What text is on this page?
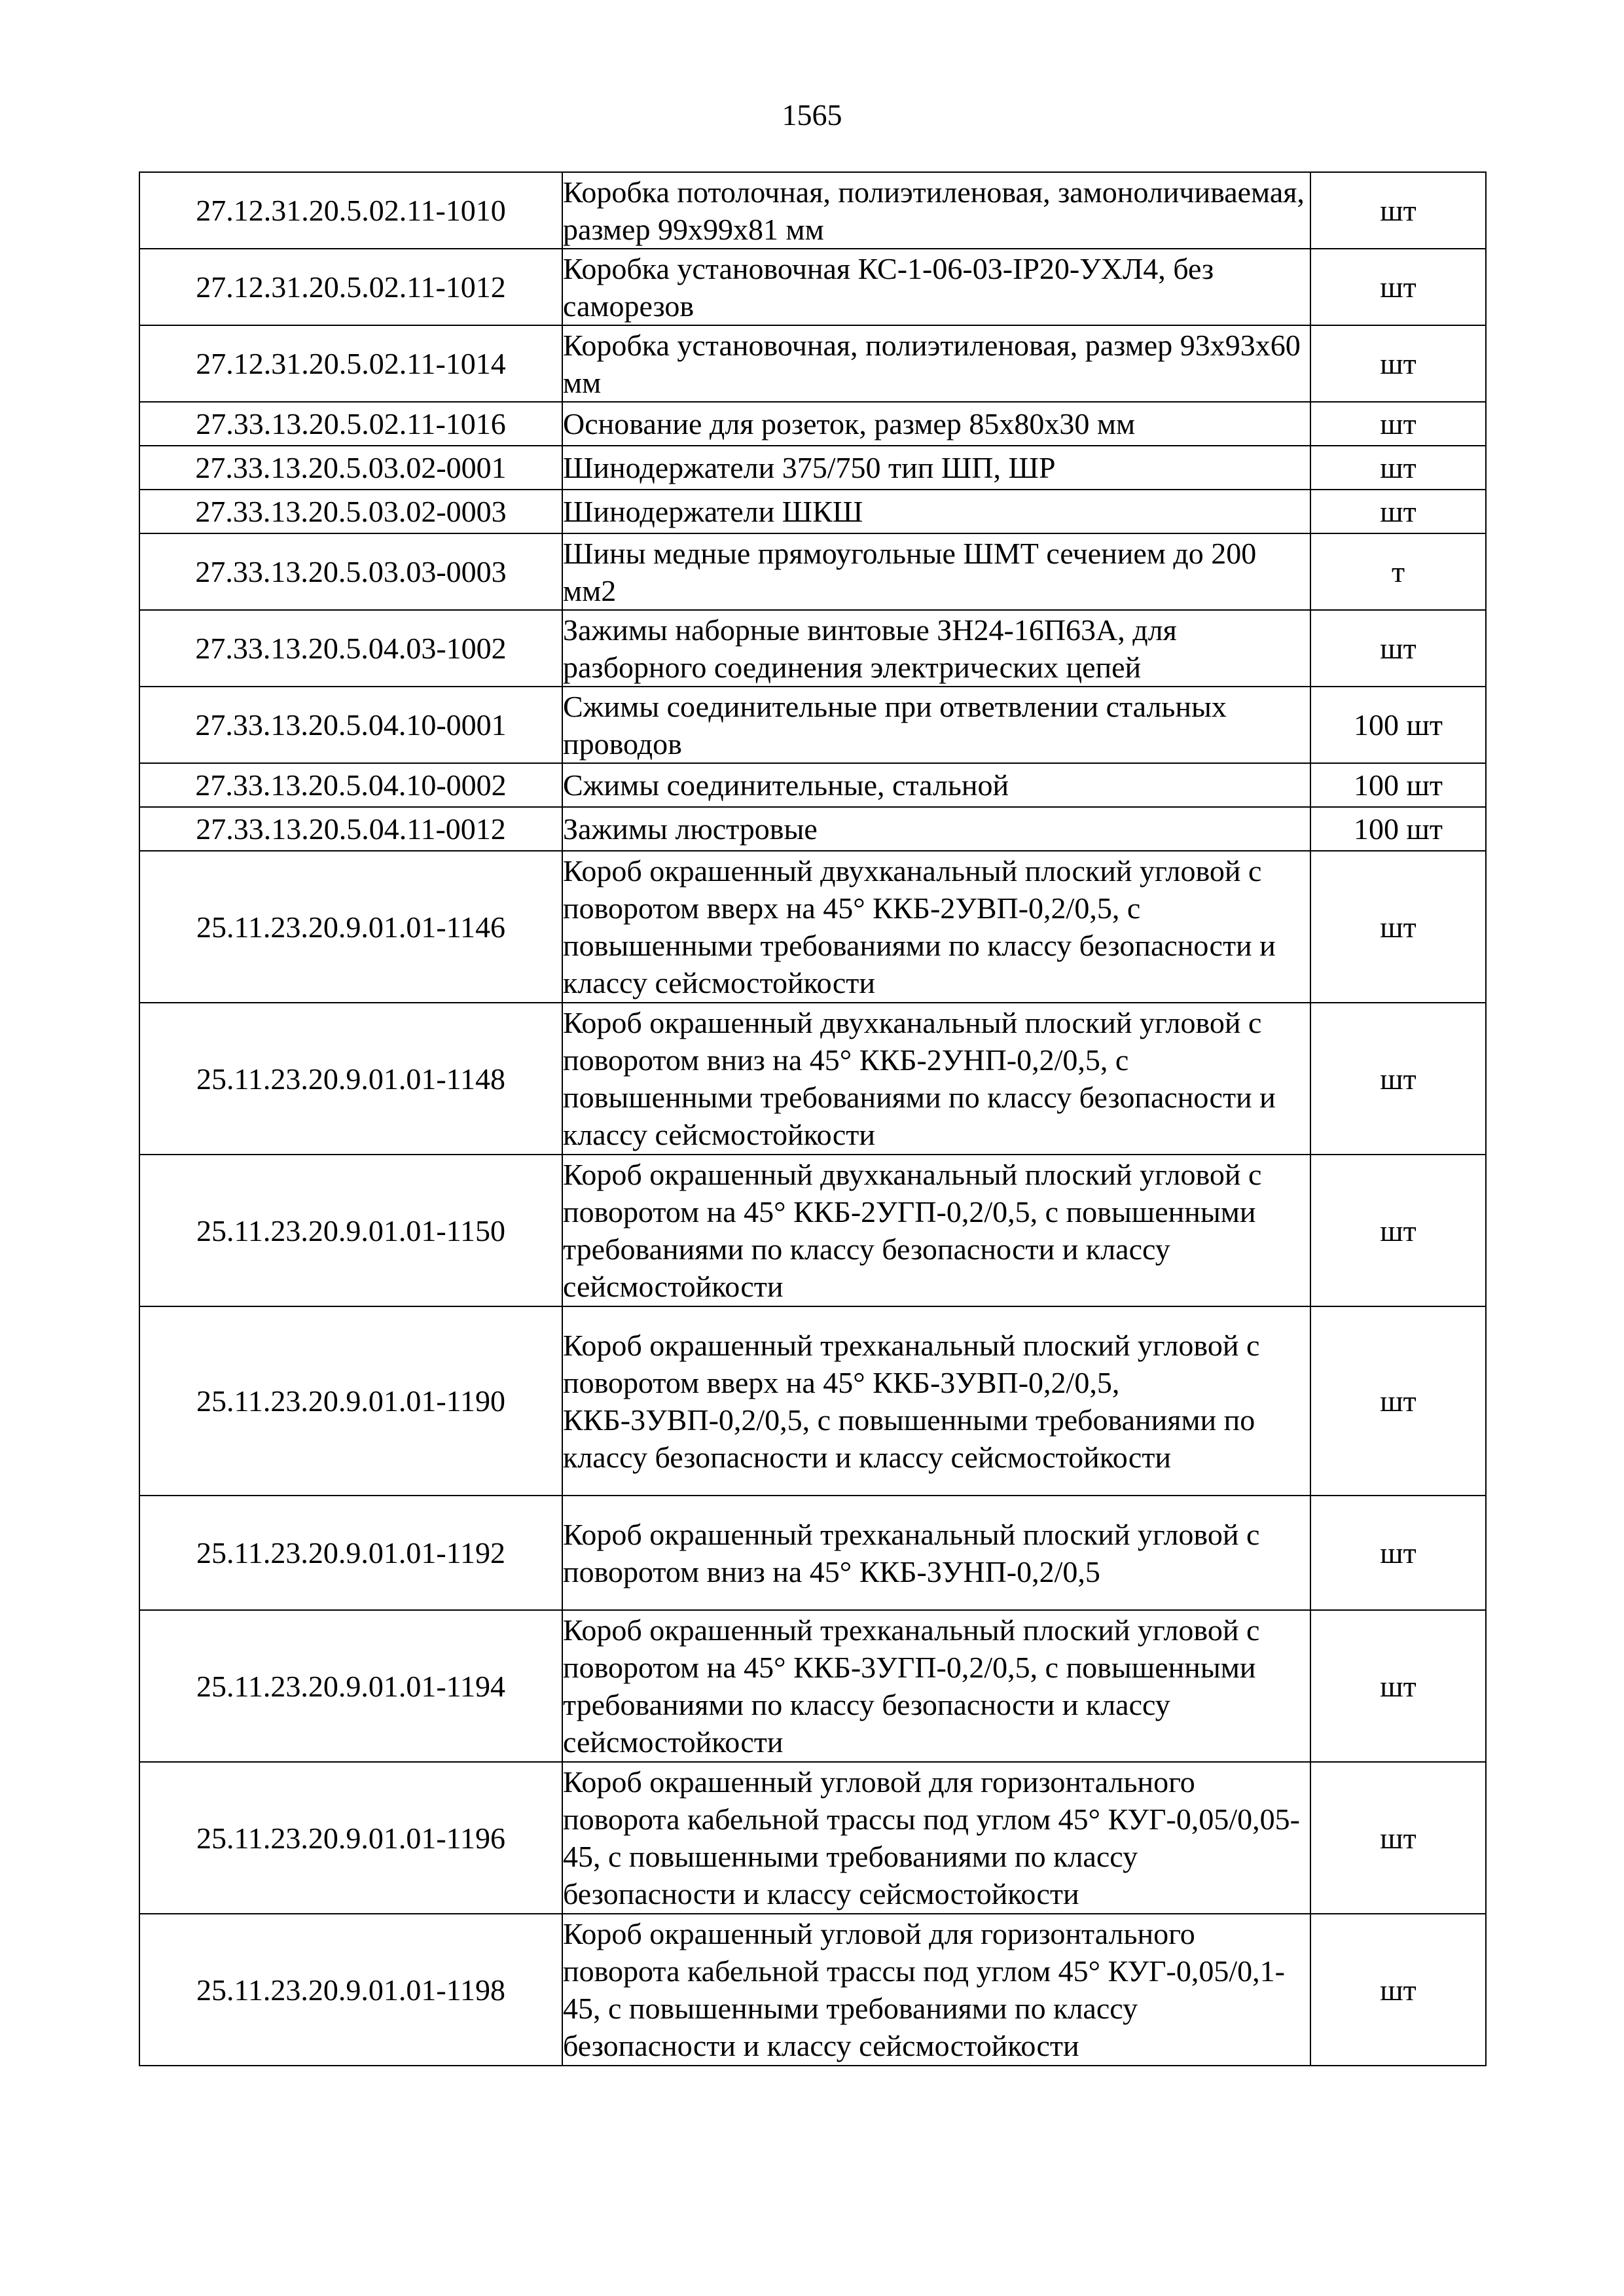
1565
27.12.31.20.5.02.11-1010	Коробка потолочная, полиэтиленовая, замоноличиваемая, размер 99х99х81 мм	шт
27.12.31.20.5.02.11-1012	Коробка установочная КС-1-06-03-IP20-УХЛ4, без саморезов	шт
27.12.31.20.5.02.11-1014	Коробка установочная, полиэтиленовая, размер 93х93х60 мм	шт
27.33.13.20.5.02.11-1016	Основание для розеток, размер 85х80х30 мм	шт
27.33.13.20.5.03.02-0001	Шинодержатели 375/750 тип ШП, ШР	шт
27.33.13.20.5.03.02-0003	Шинодержатели ШКШ	шт
27.33.13.20.5.03.03-0003	Шины медные прямоугольные ШМТ сечением до 200 мм2	т
27.33.13.20.5.04.03-1002	Зажимы наборные винтовые ЗН24-16П63А, для разборного соединения электрических цепей	шт
27.33.13.20.5.04.10-0001	Сжимы соединительные при ответвлении стальных проводов	100 шт
27.33.13.20.5.04.10-0002	Сжимы соединительные, стальной	100 шт
27.33.13.20.5.04.11-0012	Зажимы люстровые	100 шт
25.11.23.20.9.01.01-1146	Короб окрашенный двухканальный плоский угловой с поворотом вверх на 45° ККБ-2УВП-0,2/0,5, с повышенными требованиями по классу безопасности и классу сейсмостойкости	шт
25.11.23.20.9.01.01-1148	Короб окрашенный двухканальный плоский угловой с поворотом вниз на 45° ККБ-2УНП-0,2/0,5, с повышенными требованиями по классу безопасности и классу сейсмостойкости	шт
25.11.23.20.9.01.01-1150	Короб окрашенный двухканальный плоский угловой с поворотом на 45° ККБ-2УГП-0,2/0,5, с повышенными требованиями по классу безопасности и классу сейсмостойкости	шт
25.11.23.20.9.01.01-1190	Короб окрашенный трехканальный плоский угловой с поворотом вверх на 45° ККБ-3УВП-0,2/0,5, ККБ-3УВП-0,2/0,5, с повышенными требованиями по классу безопасности и классу сейсмостойкости	шт
25.11.23.20.9.01.01-1192	Короб окрашенный трехканальный плоский угловой с поворотом вниз на 45° ККБ-3УНП-0,2/0,5	шт
25.11.23.20.9.01.01-1194	Короб окрашенный трехканальный плоский угловой с поворотом на 45° ККБ-3УГП-0,2/0,5, с повышенными требованиями по классу безопасности и классу сейсмостойкости	шт
25.11.23.20.9.01.01-1196	Короб окрашенный угловой для горизонтального поворота кабельной трассы под углом 45° КУГ-0,05/0,05-45, с повышенными требованиями по классу безопасности и классу сейсмостойкости	шт
25.11.23.20.9.01.01-1198	Короб окрашенный угловой для горизонтального поворота кабельной трассы под углом 45° КУГ-0,05/0,1-45, с повышенными требованиями по классу безопасности и классу сейсмостойкости	шт
